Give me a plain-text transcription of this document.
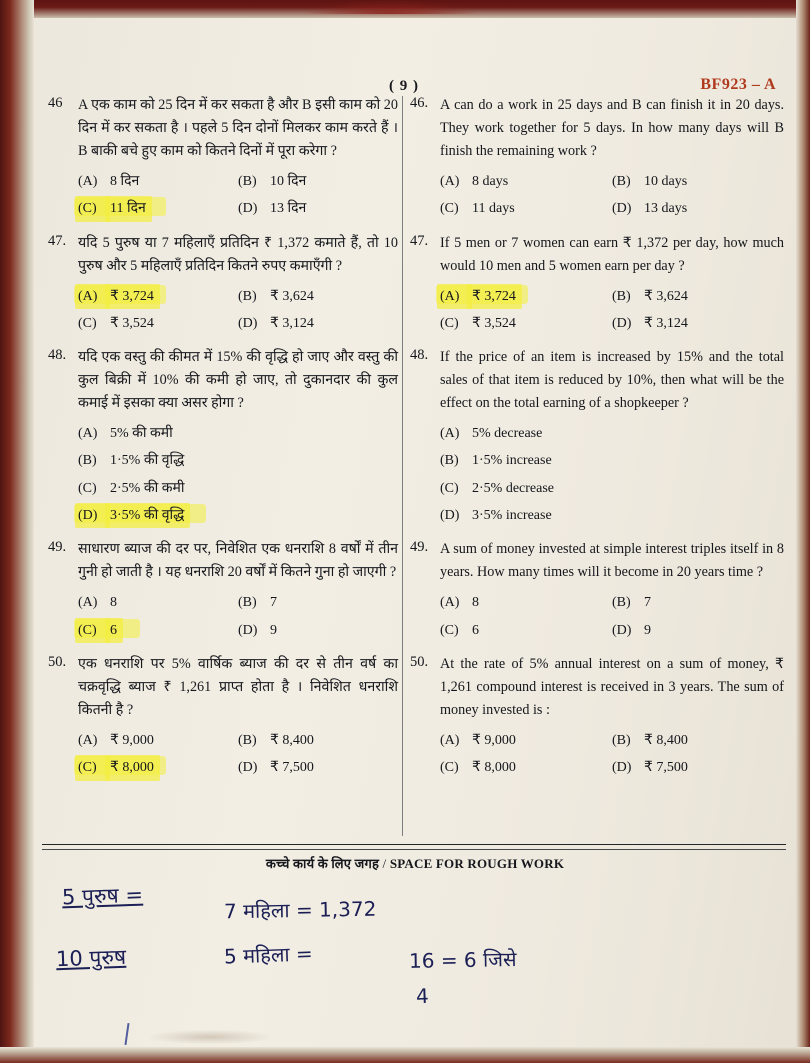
( 9 )	BF923 – A
46	A एक काम को 25 दिन में कर सकता है और B इसी काम को 20 दिन में कर सकता है । पहले 5 दिन दोनों मिलकर काम करते हैं । B बाकी बचे हुए काम को कितने दिनों में पूरा करेगा ?
(A) 8 दिन	(B) 10 दिन
(C) 11 दिन	(D) 13 दिन
47. यदि 5 पुरुष या 7 महिलाएँ प्रतिदिन ₹ 1,372 कमाते हैं, तो 10 पुरुष और 5 महिलाएँ प्रतिदिन कितने रुपए कमाएँगी ?
(A) ₹ 3,724	(B) ₹ 3,624
(C) ₹ 3,524	(D) ₹ 3,124
48. यदि एक वस्तु की कीमत में 15% की वृद्धि हो जाए और वस्तु की कुल बिक्री में 10% की कमी हो जाए, तो दुकानदार की कुल कमाई में इसका क्या असर होगा ?
(A) 5% की कमी
(B) 1·5% की वृद्धि
(C) 2·5% की कमी
(D) 3·5% की वृद्धि
49. साधारण ब्याज की दर पर, निवेशित एक धनराशि 8 वर्षों में तीन गुनी हो जाती है । यह धनराशि 20 वर्षों में कितने गुना हो जाएगी ?
(A) 8	(B) 7
(C) 6	(D) 9
50. एक धनराशि पर 5% वार्षिक ब्याज की दर से तीन वर्ष का चक्रवृद्धि ब्याज ₹ 1,261 प्राप्त होता है । निवेशित धनराशि कितनी है ?
(A) ₹ 9,000	(B) ₹ 8,400
(C) ₹ 8,000	(D) ₹ 7,500
46. A can do a work in 25 days and B can finish it in 20 days. They work together for 5 days. In how many days will B finish the remaining work ?
(A) 8 days	(B) 10 days
(C) 11 days	(D) 13 days
47. If 5 men or 7 women can earn ₹ 1,372 per day, how much would 10 men and 5 women earn per day ?
(A) ₹ 3,724	(B) ₹ 3,624
(C) ₹ 3,524	(D) ₹ 3,124
48. If the price of an item is increased by 15% and the total sales of that item is reduced by 10%, then what will be the effect on the total earning of a shopkeeper ?
(A) 5% decrease
(B) 1·5% increase
(C) 2·5% decrease
(D) 3·5% increase
49. A sum of money invested at simple interest triples itself in 8 years. How many times will it become in 20 years time ?
(A) 8	(B) 7
(C) 6	(D) 9
50. At the rate of 5% annual interest on a sum of money, ₹ 1,261 compound interest is received in 3 years. The sum of money invested is :
(A) ₹ 9,000	(B) ₹ 8,400
(C) ₹ 8,000	(D) ₹ 7,500
कच्चे कार्य के लिए जगह / SPACE FOR ROUGH WORK
5 पुरुष =
7 महिला = 1,372
10 पुरुष	5 महिला =	16 = 6 जिसे
4
